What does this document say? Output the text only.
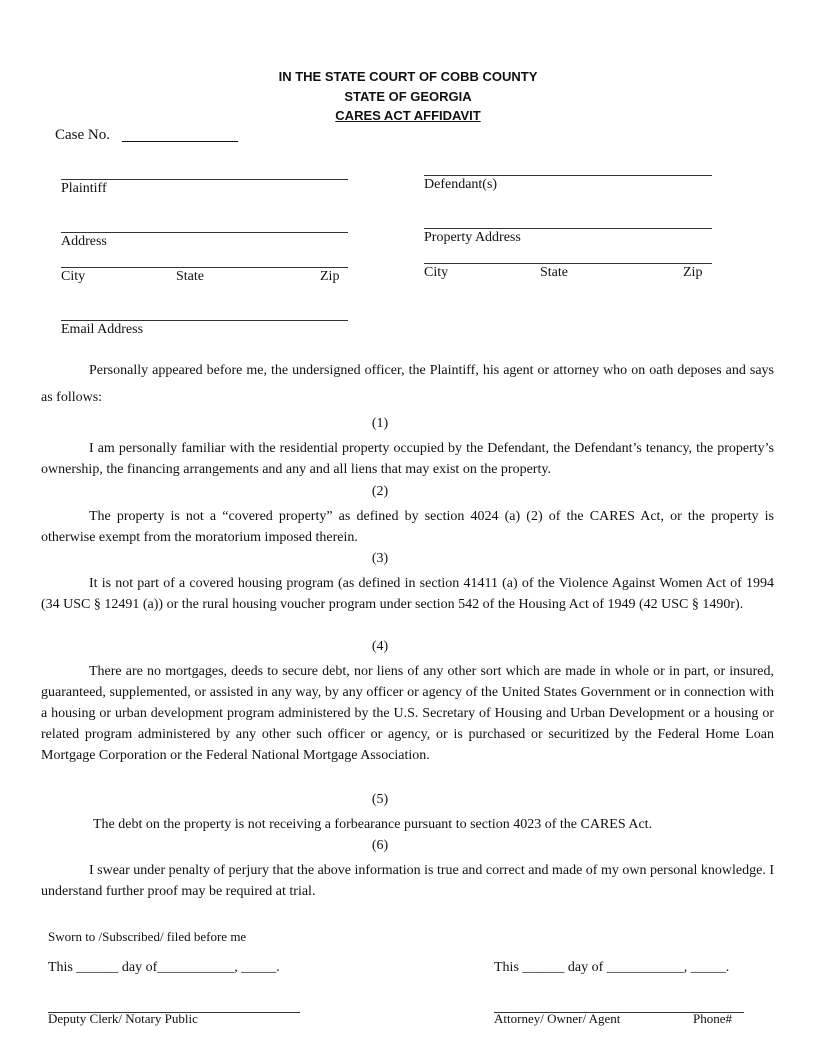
IN THE STATE COURT OF COBB COUNTY
STATE OF GEORGIA
CARES ACT AFFIDAVIT
Case No.
Plaintiff
Address
City	State	Zip
Email Address
Defendant(s)
Property Address
City	State	Zip
Personally appeared before me, the undersigned officer, the Plaintiff, his agent or attorney who on oath deposes and says as follows:
(1)
I am personally familiar with the residential property occupied by the Defendant, the Defendant’s tenancy, the property’s ownership, the financing arrangements and any and all liens that may exist on the property.
(2)
The property is not a “covered property” as defined by section 4024 (a) (2) of the CARES Act, or the property is otherwise exempt from the moratorium imposed therein.
(3)
It is not part of a covered housing program (as defined in section 41411 (a) of the Violence Against Women Act of 1994 (34 USC § 12491 (a)) or the rural housing voucher program under section 542 of the Housing Act of 1949 (42 USC § 1490r).
(4)
There are no mortgages, deeds to secure debt, nor liens of any other sort which are made in whole or in part, or insured, guaranteed, supplemented, or assisted in any way, by any officer or agency of the United States Government or in connection with a housing or urban development program administered by the U.S. Secretary of Housing and Urban Development or a housing or related program administered by any other such officer or agency, or is purchased or securitized by the Federal Home Loan Mortgage Corporation or the Federal National Mortgage Association.
(5)
The debt on the property is not receiving a forbearance pursuant to section 4023 of the CARES Act.
(6)
I swear under penalty of perjury that the above information is true and correct and made of my own personal knowledge. I understand further proof may be required at trial.
Sworn to /Subscribed/ filed before me
This ______ day of___________, _____.	This ______ day of ___________, _____.
Deputy Clerk/ Notary Public	Attorney/ Owner/ Agent	Phone#
